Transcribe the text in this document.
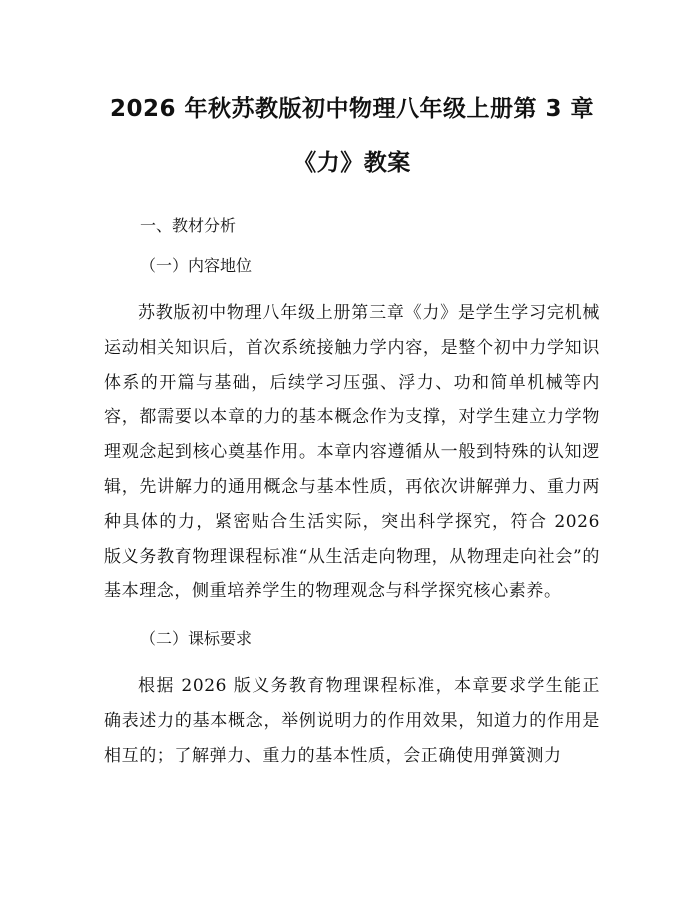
2026 年秋苏教版初中物理八年级上册第 3 章
《力》教案
一、教材分析
（一）内容地位

苏教版初中物理八年级上册第三章《力》是学生学习完机械运动相关知识后，首次系统接触力学内容，是整个初中力学知识体系的开篇与基础，后续学习压强、浮力、功和简单机械等内容，都需要以本章的力的基本概念作为支撑，对学生建立力学物理观念起到核心奠基作用。本章内容遵循从一般到特殊的认知逻辑，先讲解力的通用概念与基本性质，再依次讲解弹力、重力两种具体的力，紧密贴合生活实际，突出科学探究，符合 2026 版义务教育物理课程标准“从生活走向物理，从物理走向社会”的基本理念，侧重培养学生的物理观念与科学探究核心素养。

（二）课标要求

根据 2026 版义务教育物理课程标准，本章要求学生能正确表述力的基本概念，举例说明力的作用效果，知道力的作用是相互的；了解弹力、重力的基本性质，会正确使用弹簧测力
